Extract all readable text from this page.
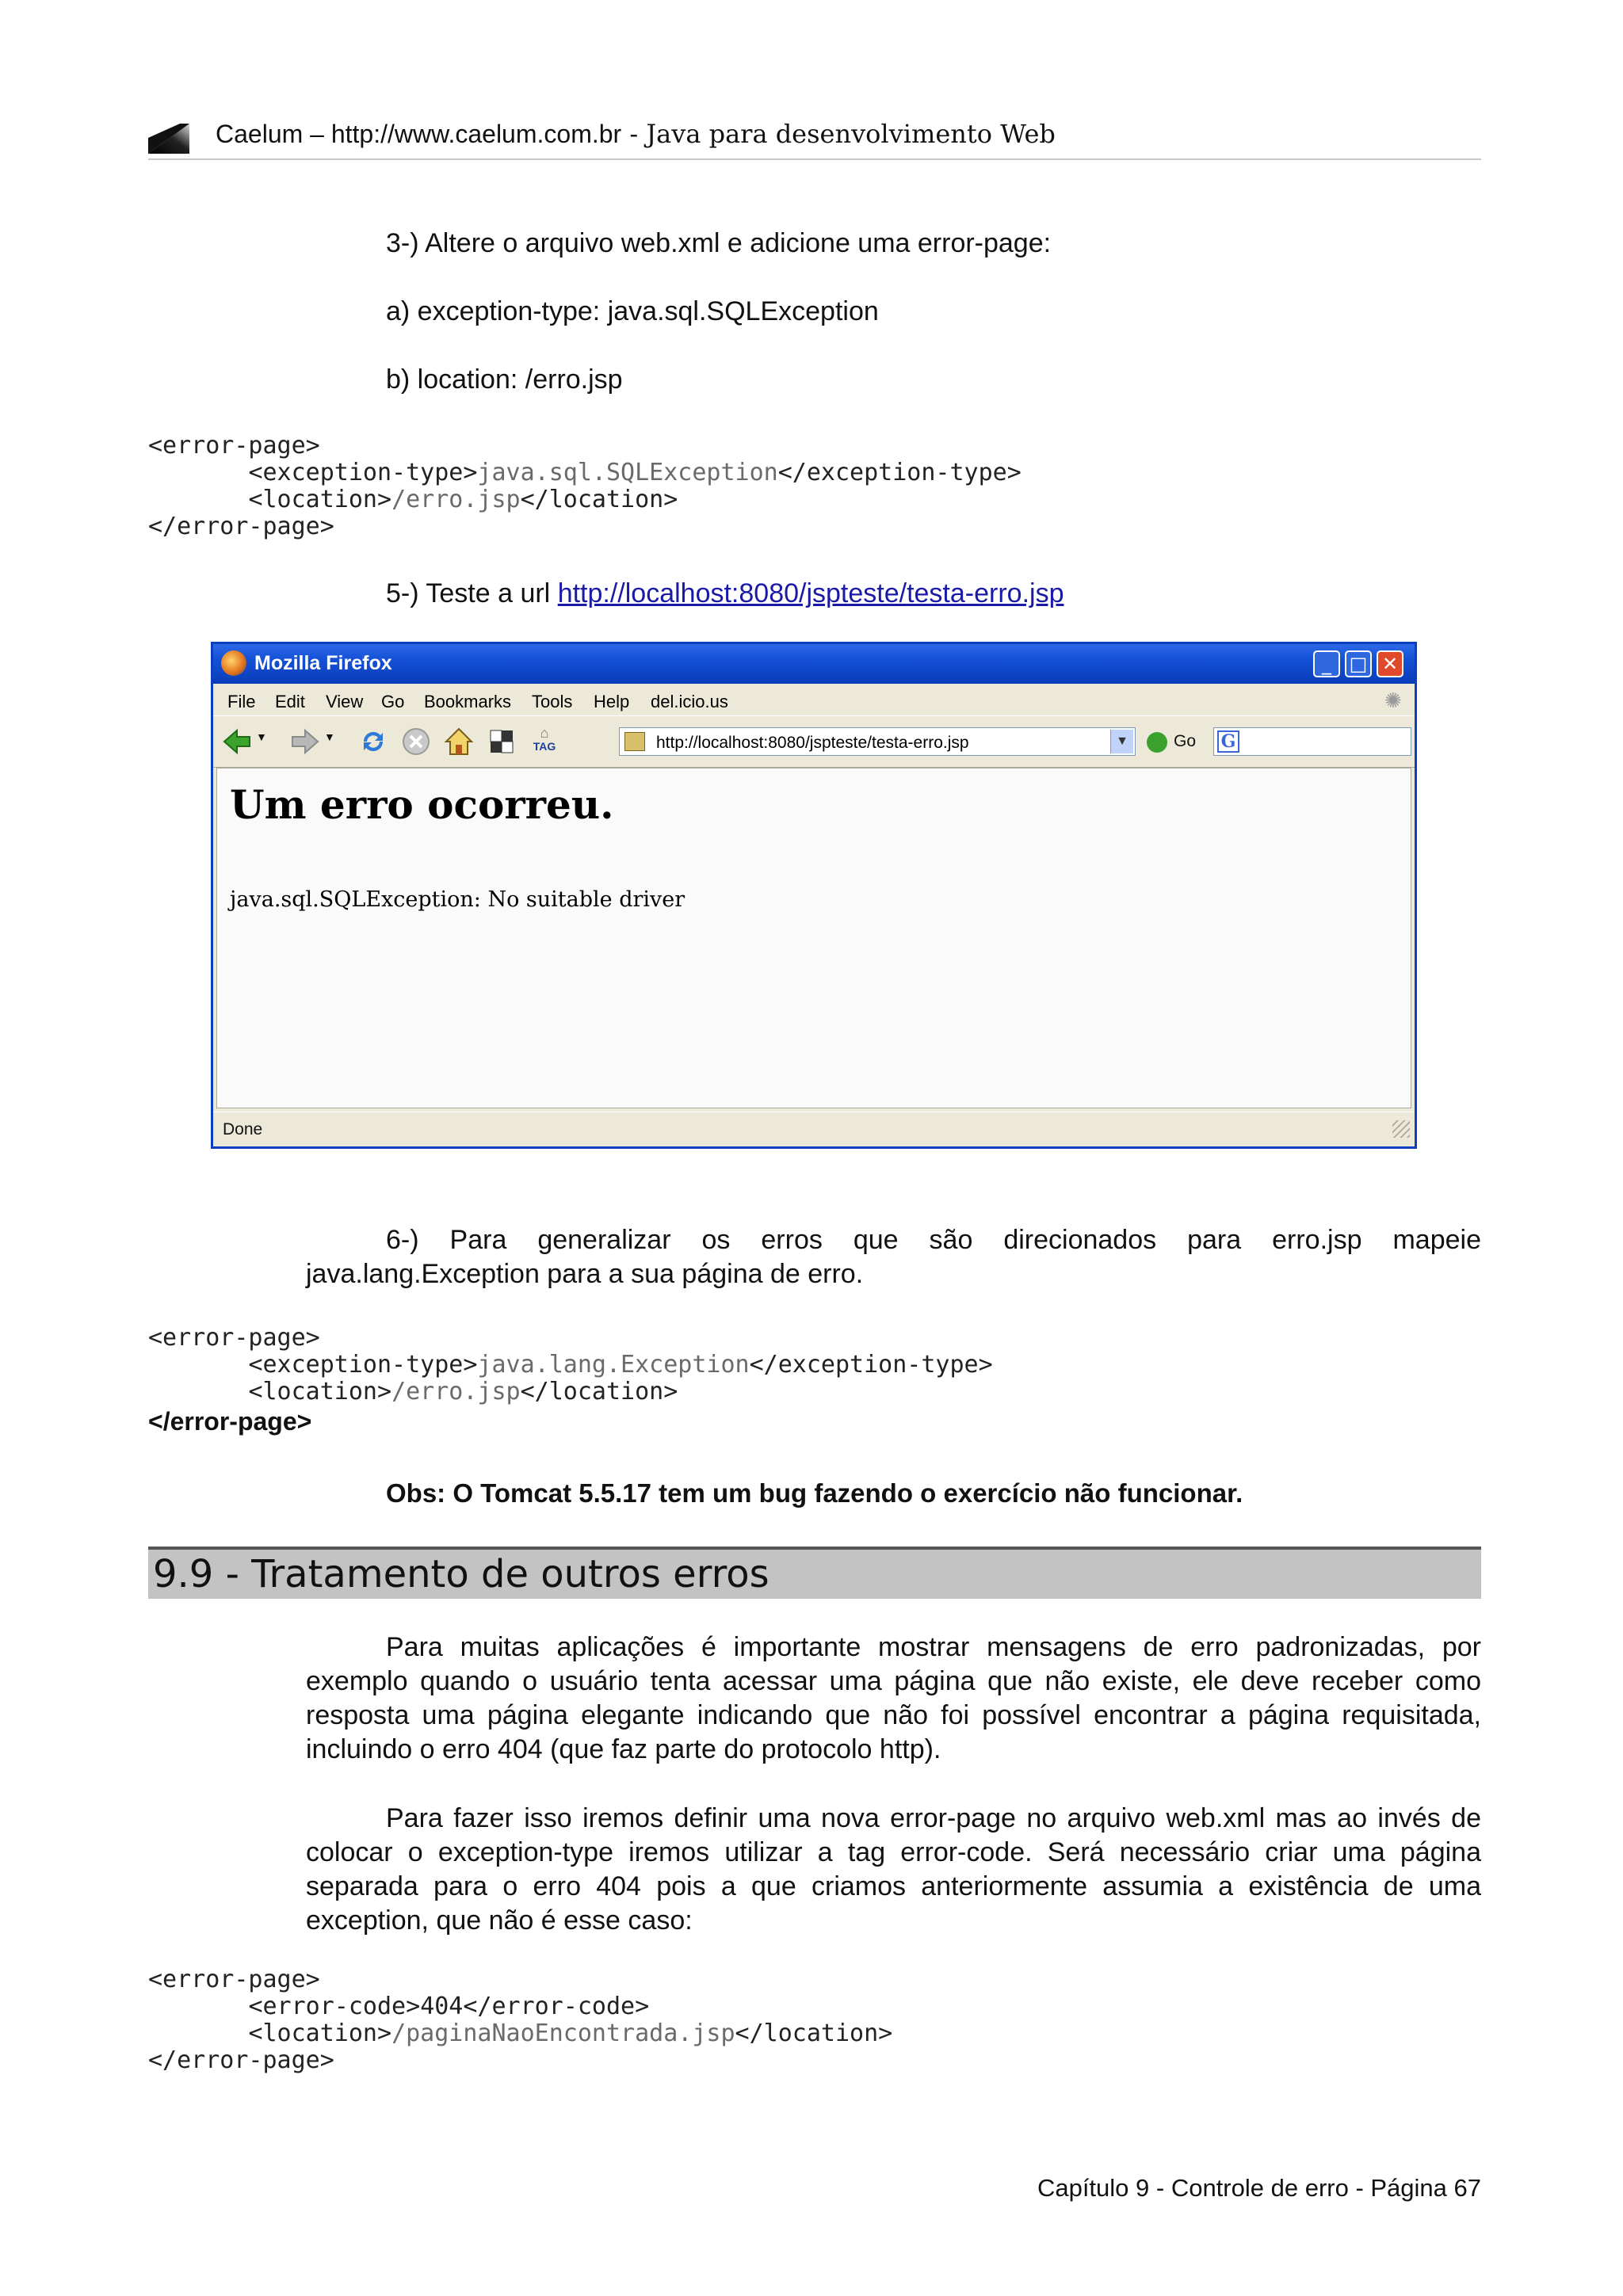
Caelum – http://www.caelum.com.br - Java para desenvolvimento Web
3-) Altere o arquivo web.xml e adicione uma error-page:
a) exception-type: java.sql.SQLException
b) location: /erro.jsp
<error-page>
<exception-type>java.sql.SQLException</exception-type>
<location>/erro.jsp</location>
</error-page>
5-) Teste a url http://localhost:8080/jspteste/testa-erro.jsp
Mozilla Firefox	_ □ ✕
File Edit View Go Bookmarks Tools Help del.icio.us	✺
▼	▼	⌂
TAG	http://localhost:8080/jspteste/testa-erro.jsp	▼	Go G
Um erro ocorreu.
java.sql.SQLException: No suitable driver
Done
6-) Para generalizar os erros que são direcionados para erro.jsp mapeie java.lang.Exception para a sua página de erro.
<error-page>
<exception-type>java.lang.Exception</exception-type>
<location>/erro.jsp</location>
</error-page>
Obs: O Tomcat 5.5.17 tem um bug fazendo o exercício não funcionar.
9.9 - Tratamento de outros erros
Para muitas aplicações é importante mostrar mensagens de erro padronizadas, por exemplo quando o usuário tenta acessar uma página que não existe, ele deve receber como resposta uma página elegante indicando que não foi possível encontrar a página requisitada, incluindo o erro 404 (que faz parte do protocolo http).
Para fazer isso iremos definir uma nova error-page no arquivo web.xml mas ao invés de colocar o exception-type iremos utilizar a tag error-code. Será necessário criar uma página separada para o erro 404 pois a que criamos anteriormente assumia a existência de uma exception, que não é esse caso:
<error-page>
<error-code>404</error-code>
<location>/paginaNaoEncontrada.jsp</location>
</error-page>
Capítulo 9 - Controle de erro - Página 67
